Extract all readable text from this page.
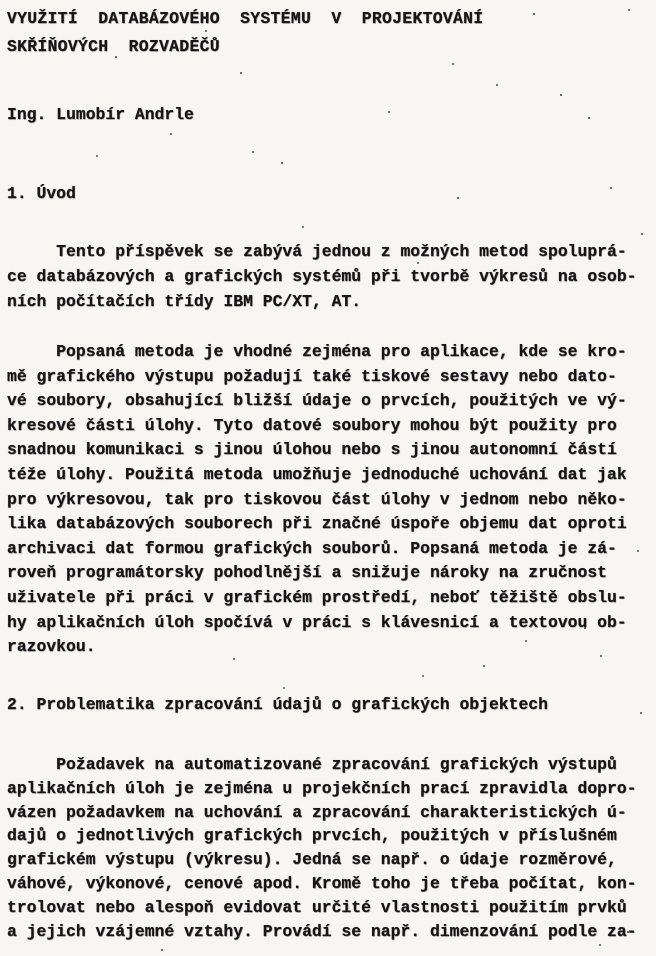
VYUŽITÍ  DATABÁZOVÉHO  SYSTÉMU  V  PROJEKTOVÁNÍ
SKŘÍŇOVÝCH  ROZVADĚČŮ
Ing. Lumobír Andrle
1. Úvod
Tento příspěvek se zabývá jednou z možných metod spoluprá-
ce databázových a grafických systémů při tvorbě výkresů na osob-
ních počítačích třídy IBM PC/XT, AT.
Popsaná metoda je vhodné zejména pro aplikace, kde se kro-
mě grafického výstupu požadují také tiskové sestavy nebo dato-
vé soubory, obsahující bližší údaje o prvcích, použitých ve vý-
kresové části úlohy. Tyto datové soubory mohou být použity pro
snadnou komunikaci s jinou úlohou nebo s jinou autonomní částí
téže úlohy. Použitá metoda umožňuje jednoduché uchování dat jak
pro výkresovou, tak pro tiskovou část úlohy v jednom nebo něko-
lika databázových souborech při značné úspoře objemu dat oproti
archivaci dat formou grafických souborů. Popsaná metoda je zá-
roveň programátorsky pohodlnější a snižuje nároky na zručnost
uživatele při práci v grafickém prostředí, neboť těžiště obslu-
hy aplikačních úloh spočívá v práci s klávesnicí a textovou ob-
razovkou.
2. Problematika zpracování údajů o grafických objektech
Požadavek na automatizované zpracování grafických výstupů
aplikačních úloh je zejména u projekčních prací zpravidla dopro-
vázen požadavkem na uchování a zpracování charakteristických ú-
dajů o jednotlivých grafických prvcích, použitých v příslušném
grafickém výstupu (výkresu). Jedná se např. o údaje rozměrové,
váhové, výkonové, cenové apod. Kromě toho je třeba počítat, kon-
trolovat nebo alespoň evidovat určité vlastnosti použitím prvků
a jejich vzájemné vztahy. Provádí se např. dimenzování podle za-
